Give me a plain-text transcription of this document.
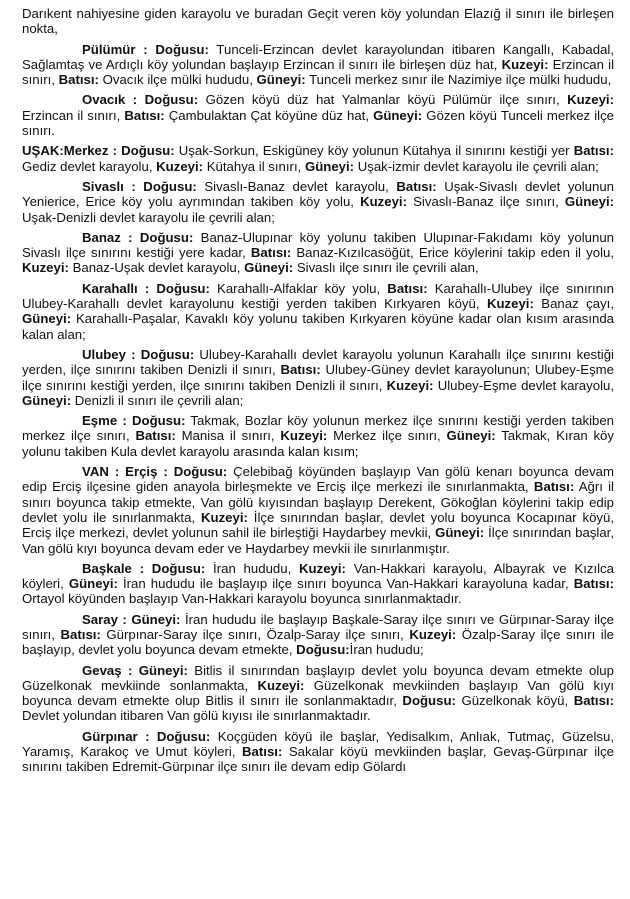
Darıkent nahiyesine giden karayolu ve buradan Geçit veren köy yolundan Elazığ il sınırı ile birleşen nokta,

Pülümür : Doğusu: Tunceli-Erzincan devlet karayolundan itibaren Kangallı, Kabadal, Sağlamtaş ve Ardıçlı köy yolundan başlayıp Erzincan il sınırı ile birleşen düz hat, Kuzeyi: Erzincan il sınırı, Batısı: Ovacık ilçe mülki hududu, Güneyi: Tunceli merkez sınır ile Nazimiye ilçe mülki hududu,

Ovacık : Doğusu: Gözen köyü düz hat Yalmanlar köyü Pülümür ilçe sınırı, Kuzeyi: Erzincan il sınırı, Batısı: Çambulaktan Çat köyüne düz hat, Güneyi: Gözen köyü Tunceli merkez ilçe sınırı.

UŞAK:Merkez : Doğusu: Uşak-Sorkun, Eskigüney köy yolunun Kütahya il sınırını kestiği yer Batısı: Gediz devlet karayolu, Kuzeyi: Kütahya il sınırı, Güneyi: Uşak-izmir devlet karayolu ile çevrili alan;

Sivaslı : Doğusu: Sivaslı-Banaz devlet karayolu, Batısı: Uşak-Sivaslı devlet yolunun Yenierice, Erice köy yolu ayrımından takiben köy yolu, Kuzeyi: Sivaslı-Banaz ilçe sınırı, Güneyi: Uşak-Denizli devlet karayolu ile çevrili alan;

Banaz : Doğusu: Banaz-Ulupınar köy yolunu takiben Ulupınar-Fakıdamı köy yolunun Sivaslı ilçe sınırını kestiği yere kadar, Batısı: Banaz-Kızılcasöğüt, Erice köylerini takip eden il yolu, Kuzeyi: Banaz-Uşak devlet karayolu, Güneyi: Sivaslı ilçe sınırı ile çevrili alan,

Karahallı : Doğusu: Karahallı-Alfaklar köy yolu, Batısı: Karahallı-Ulubey ilçe sınırının Ulubey-Karahallı devlet karayolunu kestiği yerden takiben Kırkyaren köyü, Kuzeyi: Banaz çayı, Güneyi: Karahallı-Paşalar, Kavaklı köy yolunu takiben Kırkyaren köyüne kadar olan kısım arasında kalan alan;

Ulubey : Doğusu: Ulubey-Karahallı devlet karayolu yolunun Karahallı ilçe sınırını kestiği yerden, ilçe sınırını takiben Denizli il sınırı, Batısı: Ulubey-Güney devlet karayolunun; Ulubey-Eşme ilçe sınırını kestiği yerden, ilçe sınırını takiben Denizli il sınırı, Kuzeyi: Ulubey-Eşme devlet karayolu, Güneyi: Denizli il sınırı ile çevrili alan;

Eşme : Doğusu: Takmak, Bozlar köy yolunun merkez ilçe sınırını kestiği yerden takiben merkez ilçe sınırı, Batısı: Manisa il sınırı, Kuzeyi: Merkez ilçe sınırı, Güneyi: Takmak, Kıran köy yolunu takiben Kula devlet karayolu arasında kalan kısım;

VAN : Erçiş : Doğusu: Çelebibağ köyünden başlayıp Van gölü kenarı boyunca devam edip Erciş ilçesine giden anayola birleşmekte ve Erciş ilçe merkezi ile sınırlanmakta, Batısı: Ağrı il sınırı boyunca takip etmekte, Van gölü kıyısından başlayıp Derekent, Gökoğlan köylerini takip edip devlet yolu ile sınırlanmakta, Kuzeyi: İlçe sınırından başlar, devlet yolu boyunca Kocapınar köyü, Erciş ilçe merkezi, devlet yolunun sahil ile birleştiği Haydarbey mevkii, Güneyi: İlçe sınırından başlar, Van gölü kıyı boyunca devam eder ve Haydarbey mevkii ile sınırlanmıştır.

Başkale : Doğusu: İran hududu, Kuzeyi: Van-Hakkari karayolu, Albayrak ve Kızılca köyleri, Güneyi: İran hududu ile başlayıp ilçe sınırı boyunca Van-Hakkari karayoluna kadar, Batısı: Ortayol köyünden başlayıp Van-Hakkari karayolu boyunca sınırlanmaktadır.

Saray : Güneyi: İran hududu ile başlayıp Başkale-Saray ilçe sınırı ve Gürpınar-Saray ilçe sınırı, Batısı: Gürpınar-Saray ilçe sınırı, Özalp-Saray ilçe sınırı, Kuzeyi: Özalp-Saray ilçe sınırı ile başlayıp, devlet yolu boyunca devam etmekte, Doğusu:İran hududu;

Gevaş : Güneyi: Bitlis il sınırından başlayıp devlet yolu boyunca devam etmekte olup Güzelkonak mevkiinde sonlanmakta, Kuzeyi: Güzelkonak mevkiinden başlayıp Van gölü kıyı boyunca devam etmekte olup Bitlis il sınırı ile sonlanmaktadır, Doğusu: Güzelkonak köyü, Batısı: Devlet yolundan itibaren Van gölü kıyısı ile sınırlanmaktadır.

Gürpınar : Doğusu: Koçgüden köyü ile başlar, Yedisalkım, Anlıak, Tutmaç, Güzelsu, Yaramış, Karakoç ve Umut köyleri, Batısı: Sakalar köyü mevkiinden başlar, Gevaş-Gürpınar ilçe sınırını takiben Edremit-Gürpınar ilçe sınırı ile devam edip Gölardı
